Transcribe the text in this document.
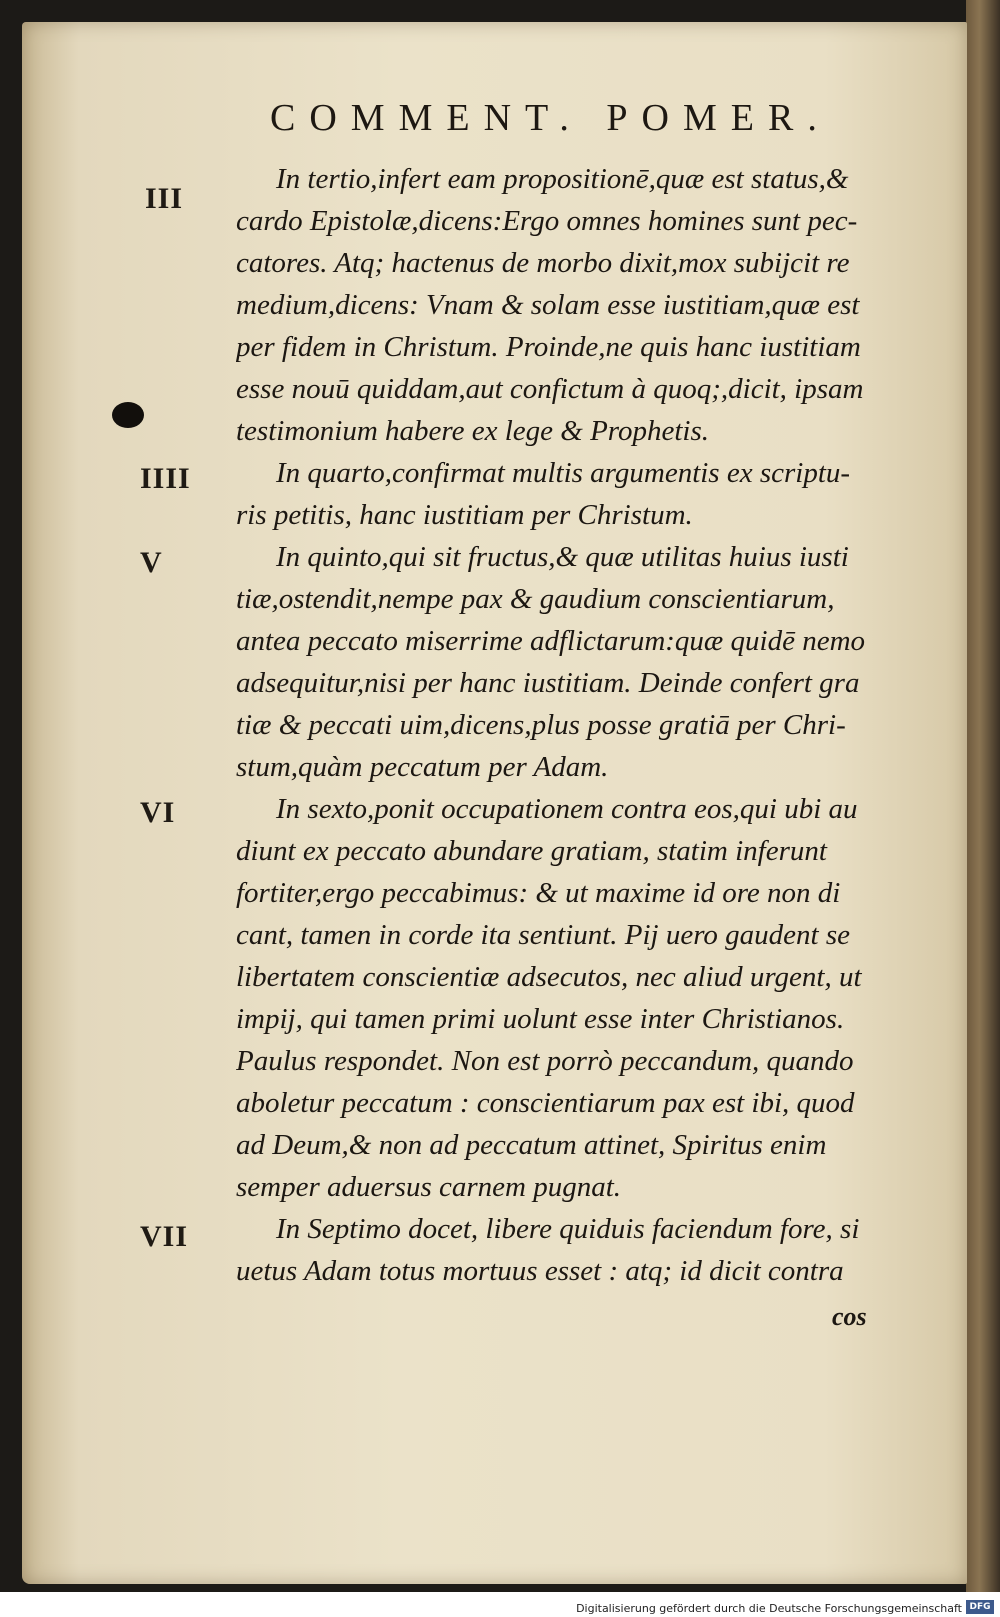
COMMENT. POMER.
III
IIII
V
VI
VII
In tertio,infert eam propositionē,quæ est status,&
cardo Epistolæ,dicens:Ergo omnes homines sunt pec-
catores. Atq; hactenus de morbo dixit,mox subijcit re
medium,dicens: Vnam & solam esse iustitiam,quæ est
per fidem in Christum. Proinde,ne quis hanc iustitiam
esse nouū quiddam,aut confictum à quoq;,dicit, ipsam
testimonium habere ex lege & Prophetis.
In quarto,confirmat multis argumentis ex scriptu-
ris petitis, hanc iustitiam per Christum.
In quinto,qui sit fructus,& quæ utilitas huius iusti
tiæ,ostendit,nempe pax & gaudium conscientiarum,
antea peccato miserrime adflictarum:quæ quidē nemo
adsequitur,nisi per hanc iustitiam. Deinde confert gra
tiæ & peccati uim,dicens,plus posse gratiā per Chri-
stum,quàm peccatum per Adam.
In sexto,ponit occupationem contra eos,qui ubi au
diunt ex peccato abundare gratiam, statim inferunt
fortiter,ergo peccabimus: & ut maxime id ore non di
cant, tamen in corde ita sentiunt. Pij uero gaudent se
libertatem conscientiæ adsecutos, nec aliud urgent, ut
impij, qui tamen primi uolunt esse inter Christianos.
Paulus respondet. Non est porrò peccandum, quando
aboletur peccatum : conscientiarum pax est ibi, quod
ad Deum,& non ad peccatum attinet, Spiritus enim
semper aduersus carnem pugnat.
In Septimo docet, libere quiduis faciendum fore, si
uetus Adam totus mortuus esset : atq; id dicit contra
cos
Digitalisierung gefördert durch die Deutsche Forschungsgemeinschaft DFG
